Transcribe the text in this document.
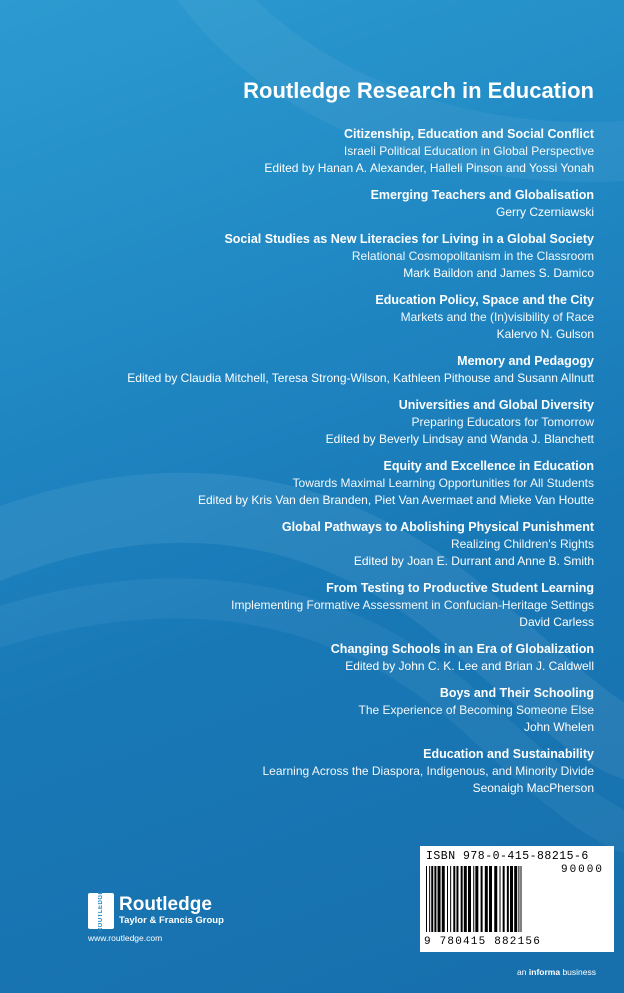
Routledge Research in Education
Citizenship, Education and Social Conflict
Israeli Political Education in Global Perspective
Edited by Hanan A. Alexander, Halleli Pinson and Yossi Yonah
Emerging Teachers and Globalisation
Gerry Czerniawski
Social Studies as New Literacies for Living in a Global Society
Relational Cosmopolitanism in the Classroom
Mark Baildon and James S. Damico
Education Policy, Space and the City
Markets and the (In)visibility of Race
Kalervo N. Gulson
Memory and Pedagogy
Edited by Claudia Mitchell, Teresa Strong-Wilson, Kathleen Pithouse and Susann Allnutt
Universities and Global Diversity
Preparing Educators for Tomorrow
Edited by Beverly Lindsay and Wanda J. Blanchett
Equity and Excellence in Education
Towards Maximal Learning Opportunities for All Students
Edited by Kris Van den Branden, Piet Van Avermaet and Mieke Van Houtte
Global Pathways to Abolishing Physical Punishment
Realizing Children's Rights
Edited by Joan E. Durrant and Anne B. Smith
From Testing to Productive Student Learning
Implementing Formative Assessment in Confucian-Heritage Settings
David Carless
Changing Schools in an Era of Globalization
Edited by John C. K. Lee and Brian J. Caldwell
Boys and Their Schooling
The Experience of Becoming Someone Else
John Whelen
Education and Sustainability
Learning Across the Diaspora, Indigenous, and Minority Divide
Seonaigh MacPherson
ROUTLEDGE Routledge
Taylor & Francis Group
www.routledge.com
ISBN 978-0-415-88215-6
90000
9 780415 882156
an informa business
